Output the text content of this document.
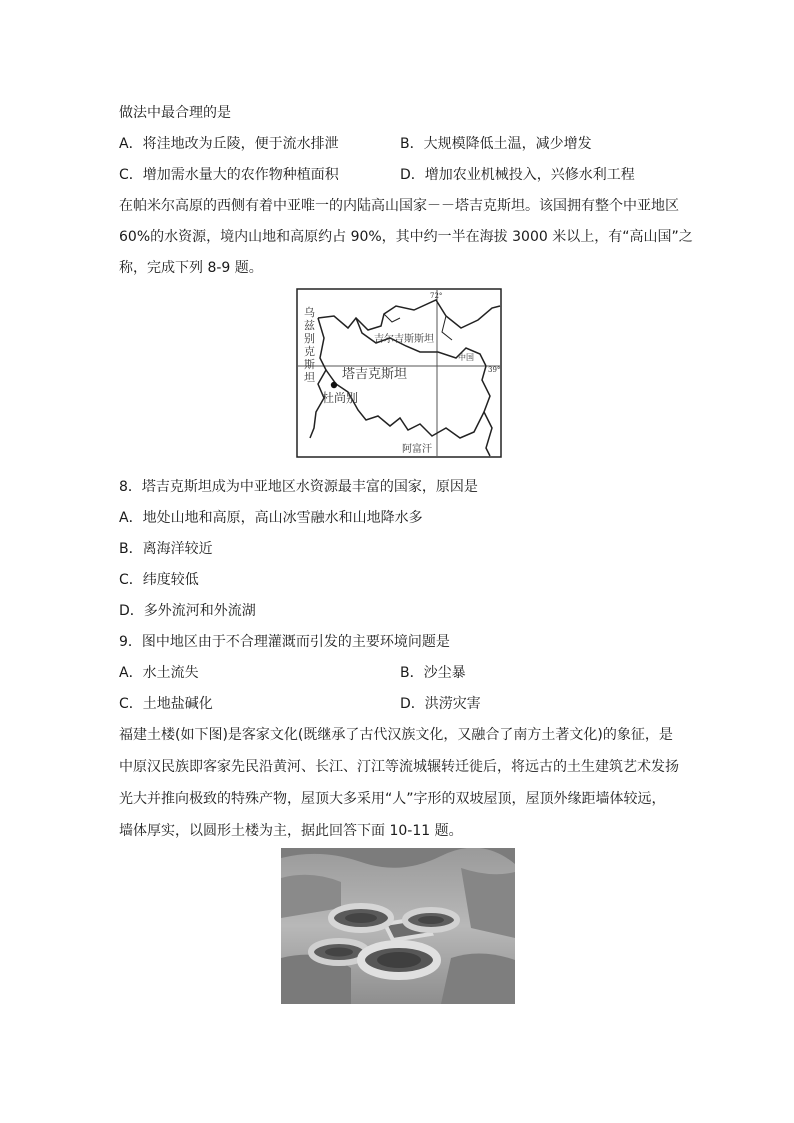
做法中最合理的是
A．将洼地改为丘陵，便于流水排泄	B．大规模降低土温，减少增发
C．增加需水量大的农作物种植面积	D．增加农业机械投入，兴修水利工程
在帕米尔高原的西侧有着中亚唯一的内陆高山国家－－塔吉克斯坦。该国拥有整个中亚地区
60%的水资源，境内山地和高原约占 90%，其中约一半在海拔 3000 米以上，有“高山国”之
称，完成下列 8-9 题。
乌
兹
别
克
斯
坦
吉尔吉斯斯坦
中国
塔吉克斯坦
杜尚别
阿富汗
72°
39°
8．塔吉克斯坦成为中亚地区水资源最丰富的国家，原因是
A．地处山地和高原，高山冰雪融水和山地降水多
B．离海洋较近
C．纬度较低
D．多外流河和外流湖
9．图中地区由于不合理灌溉而引发的主要环境问题是
A．水土流失	B．沙尘暴
C．土地盐碱化	D．洪涝灾害
福建土楼(如下图)是客家文化(既继承了古代汉族文化，又融合了南方土著文化)的象征，是
中原汉民族即客家先民沿黄河、长江、汀江等流城辗转迁徙后，将远古的土生建筑艺术发扬
光大并推向极致的特殊产物，屋顶大多采用“人”字形的双坡屋顶，屋顶外缘距墙体较远，
墙体厚实，以圆形土楼为主，据此回答下面 10-11 题。
